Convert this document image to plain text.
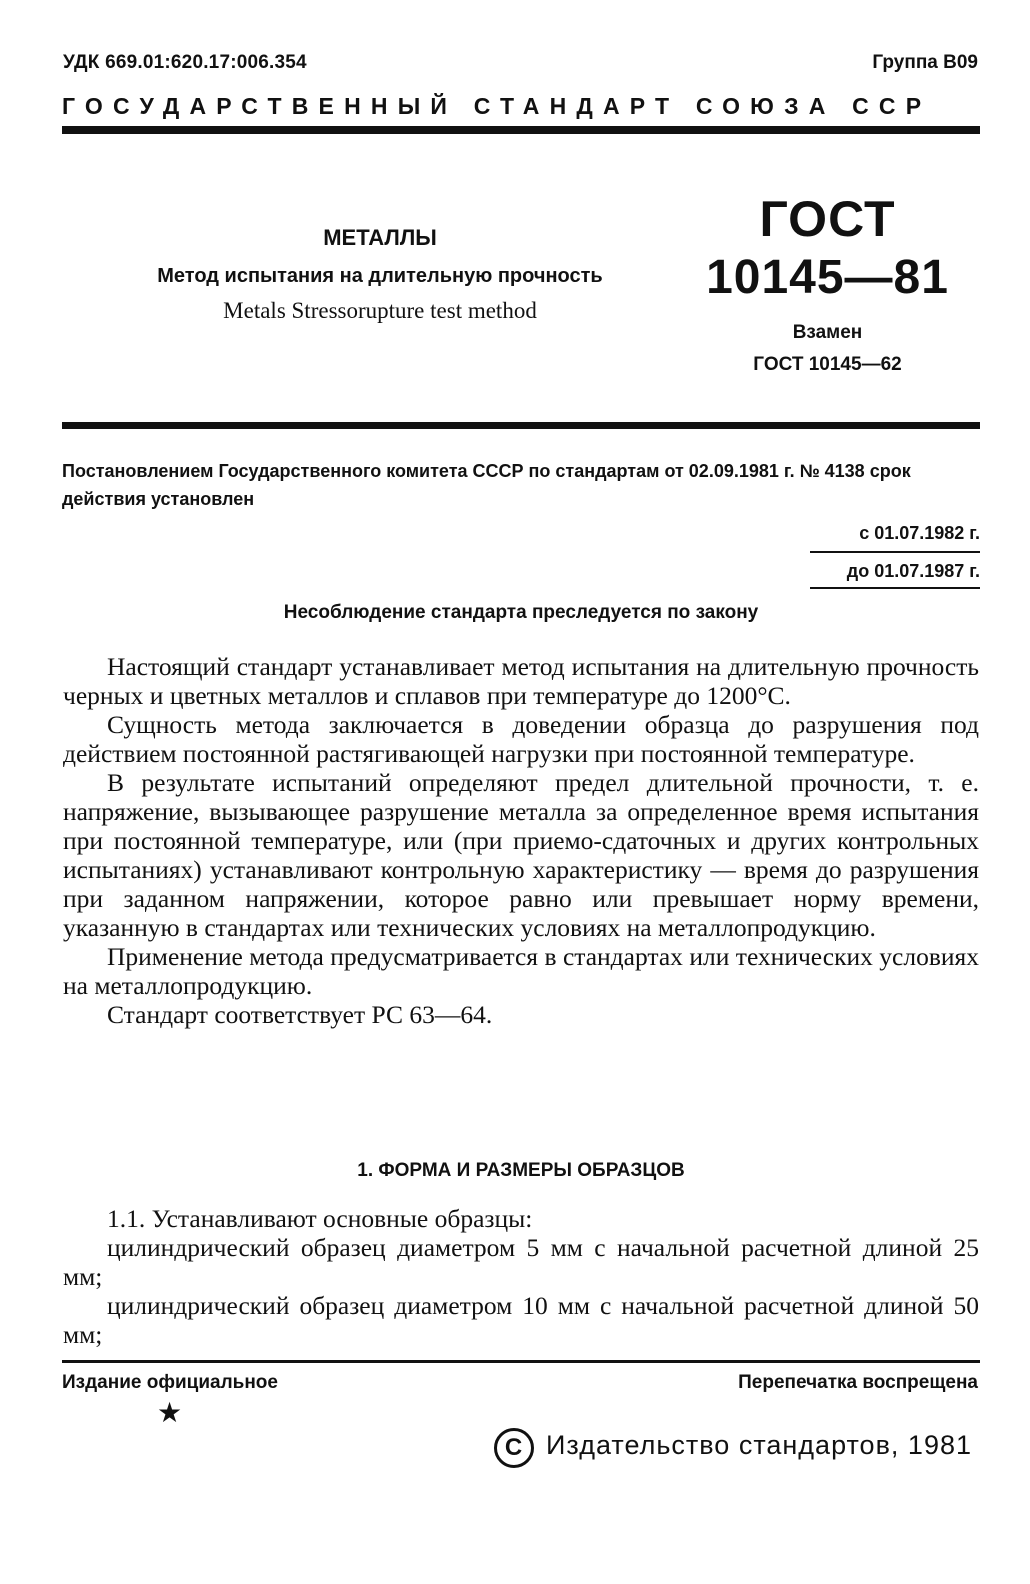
УДК 669.01:620.17:006.354	Группа В09
ГОСУДАРСТВЕННЫЙ СТАНДАРТ СОЮЗА ССР
МЕТАЛЛЫ
Метод испытания на длительную прочность
Metals Stressorupture test method
ГОСТ
10145—81
Взамен
ГОСТ 10145—62
Постановлением Государственного комитета СССР по стандартам от 02.09.1981 г. № 4138 срок действия установлен
с 01.07.1982 г.
до 01.07.1987 г.
Несоблюдение стандарта преследуется по закону

Настоящий стандарт устанавливает метод испытания на длительную прочность черных и цветных металлов и сплавов при температуре до 1200°С.

Сущность метода заключается в доведении образца до разрушения под действием постоянной растягивающей нагрузки при постоянной температуре.

В результате испытаний определяют предел длительной прочности, т. е. напряжение, вызывающее разрушение металла за определенное время испытания при постоянной температуре, или (при приемо-сдаточных и других контрольных испытаниях) устанавливают контрольную характеристику — время до разрушения при заданном напряжении, которое равно или превышает норму времени, указанную в стандартах или технических условиях на металлопродукцию.

Применение метода предусматривается в стандартах или технических условиях на металлопродукцию.

Стандарт соответствует РС 63—64.

1. ФОРМА И РАЗМЕРЫ ОБРАЗЦОВ

1.1. Устанавливают основные образцы:

цилиндрический образец диаметром 5 мм с начальной расчетной длиной 25 мм;

цилиндрический образец диаметром 10 мм с начальной расчетной длиной 50 мм;

Издание официальное	Перепечатка воспрещена
★
С Издательство стандартов, 1981
